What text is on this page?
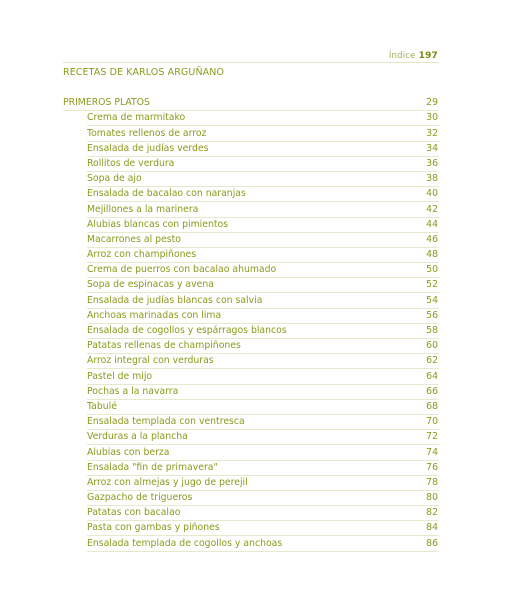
Índice 197
RECETAS DE KARLOS ARGUÑANO
PRIMEROS PLATOS	29
Crema de marmitako	30
Tomates rellenos de arroz	32
Ensalada de judías verdes	34
Rollitos de verdura	36
Sopa de ajo	38
Ensalada de bacalao con naranjas	40
Mejillones a la marinera	42
Alubias blancas con pimientos	44
Macarrones al pesto	46
Arroz con champiñones	48
Crema de puerros con bacalao ahumado	50
Sopa de espinacas y avena	52
Ensalada de judías blancas con salvia	54
Anchoas marinadas con lima	56
Ensalada de cogollos y espárragos blancos	58
Patatas rellenas de champiñones	60
Arroz integral con verduras	62
Pastel de mijo	64
Pochas a la navarra	66
Tabulé	68
Ensalada templada con ventresca	70
Verduras a la plancha	72
Alubias con berza	74
Ensalada "fin de primavera"	76
Arroz con almejas y jugo de perejil	78
Gazpacho de trigueros	80
Patatas con bacalao	82
Pasta con gambas y piñones	84
Ensalada templada de cogollos y anchoas	86
